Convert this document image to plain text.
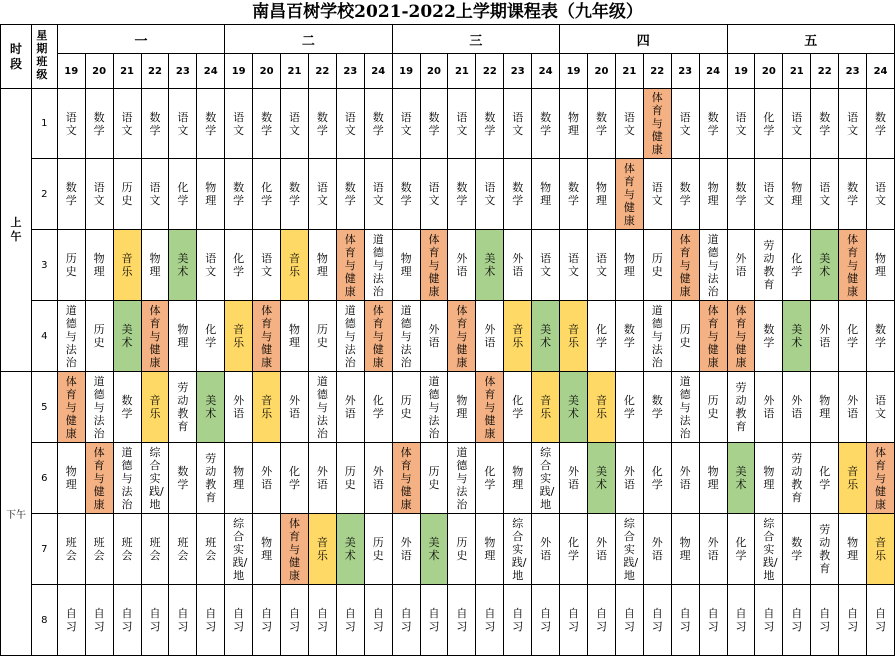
南昌百树学校2021-2022上学期课程表（九年级）
时段	星期
班级	一						二						三						四						五					
		19	20	21	22	23	24	19	20	21	22	23	24	19	20	21	22	23	24	19	20	21	22	23	24	19	20	21	22	23	24

上午	1	语文	数学	语文	数学	语文	数学	语文	数学	语文	数学	语文	数学	语文	数学	语文	数学	语文	数学	物理	数学	语文	体育与健康	语文	数学	语文	化学	语文	数学	语文	数学
	2	数学	语文	历史	语文	化学	物理	数学	化学	数学	语文	数学	语文	数学	语文	数学	语文	数学	物理	数学	物理	体育与健康	语文	数学	物理	数学	语文	物理	语文	数学	语文
	3	历史	物理	音乐	物理	美术	语文	化学	语文	音乐	物理	体育与健康	道德与法治	物理	体育与健康	外语	美术	外语	语文	语文	语文	物理	历史	体育与健康	道德与法治	外语	劳动教育	化学	美术	体育与健康	物理
	4	道德与法治	历史	美术	体育与健康	物理	化学	音乐	体育与健康	物理	历史	道德与法治	体育与健康	道德与法治	外语	体育与健康	外语	音乐	美术	音乐	化学	数学	道德与法治	历史	体育与健康	体育与健康	数学	美术	外语	化学	数学

下午	5	体育与健康	道德与法治	数学	音乐	劳动教育	美术	外语	音乐	外语	道德与法治	外语	化学	历史	道德与法治	物理	体育与健康	化学	音乐	美术	音乐	化学	数学	道德与法治	历史	劳动教育	外语	外语	物理	外语	语文
	6	物理	体育与健康	道德与法治	综合实践/地	数学	劳动教育	物理	外语	化学	外语	历史	外语	体育与健康	历史	道德与法治	化学	物理	综合实践/地	外语	美术	外语	化学	外语	物理	美术	物理	劳动教育	化学	音乐	体育与健康
	7	班会	班会	班会	班会	班会	班会	综合实践/地	物理	体育与健康	音乐	美术	历史	外语	美术	历史	物理	综合实践/地	外语	化学	外语	综合实践/地	外语	物理	外语	化学	综合实践/地	数学	劳动教育	物理	音乐
	8	自习	自习	自习	自习	自习	自习	自习	自习	自习	自习	自习	自习	自习	自习	自习	自习	自习	自习	自习	自习	自习	自习	自习	自习	自习	自习	自习	自习	自习	自习
